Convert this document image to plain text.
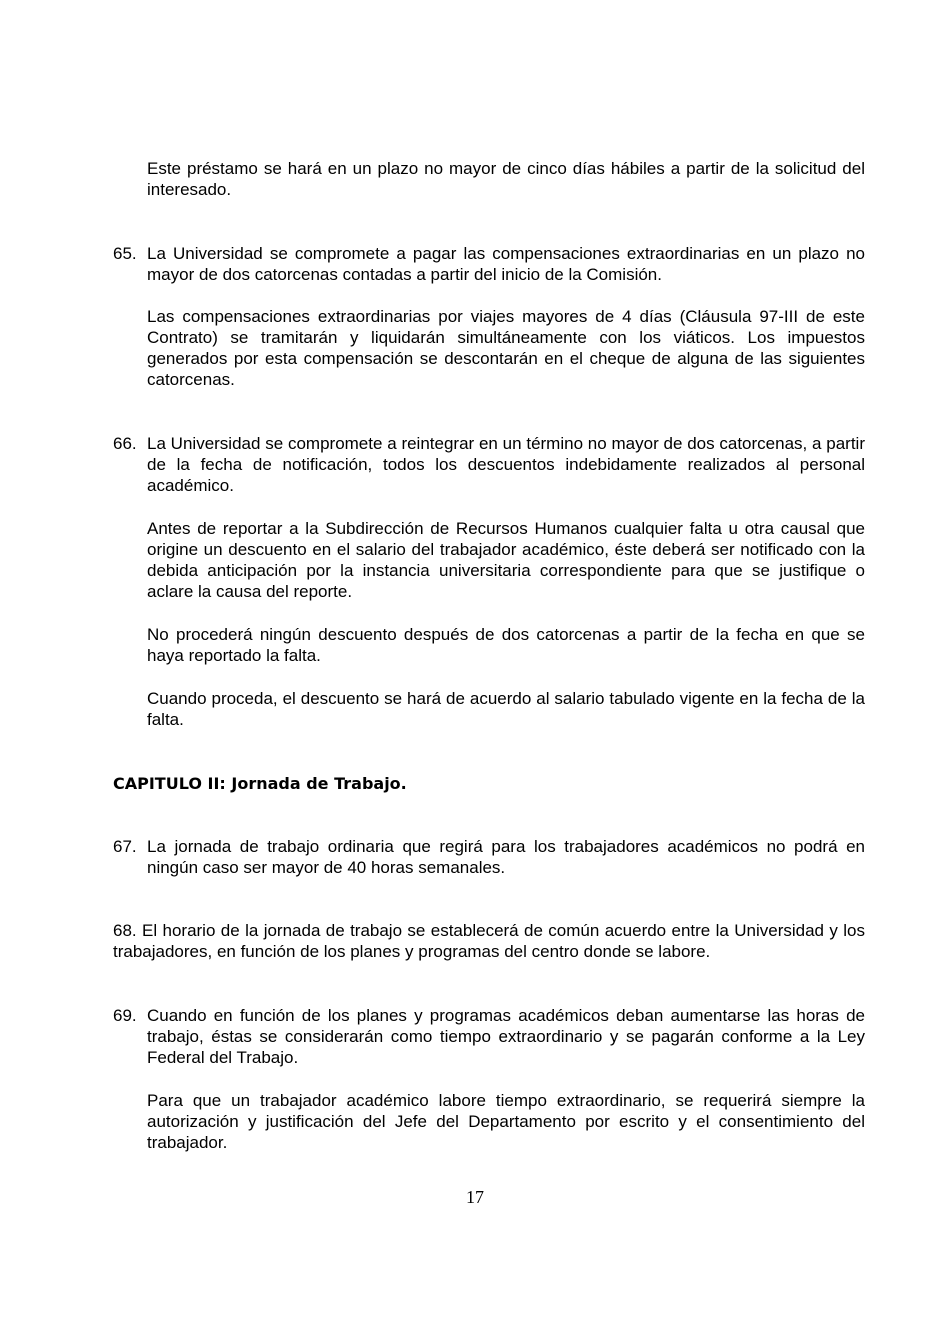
Este préstamo se hará en un plazo no mayor de cinco días hábiles a partir de la solicitud del interesado.
65. La Universidad se compromete a pagar las compensaciones extraordinarias en un plazo no mayor de dos catorcenas contadas a partir del inicio de la Comisión.
Las compensaciones extraordinarias por viajes mayores de 4 días (Cláusula 97-III de este Contrato) se tramitarán y liquidarán simultáneamente con los viáticos. Los impuestos generados por esta compensación se descontarán en el cheque de alguna de las siguientes catorcenas.
66. La Universidad se compromete a reintegrar en un término no mayor de dos catorcenas, a partir de la fecha de notificación, todos los descuentos indebidamente realizados al personal académico.
Antes de reportar a la Subdirección de Recursos Humanos cualquier falta u otra causal que origine un descuento en el salario del trabajador académico, éste deberá ser notificado con la debida anticipación por la instancia universitaria correspondiente para que se justifique o aclare la causa del reporte.
No procederá ningún descuento después de dos catorcenas a partir de la fecha en que se haya reportado la falta.
Cuando proceda, el descuento se hará de acuerdo al salario tabulado vigente en la fecha de la falta.
CAPITULO II: Jornada de Trabajo.
67. La jornada de trabajo ordinaria que regirá para los trabajadores académicos no podrá en ningún caso ser mayor de 40 horas semanales.
68. El horario de la jornada de trabajo se establecerá de común acuerdo entre la Universidad y los trabajadores, en función de los planes y programas del centro donde se labore.
69. Cuando en función de los planes y programas académicos deban aumentarse las horas de trabajo, éstas se considerarán como tiempo extraordinario y se pagarán conforme a la Ley Federal del Trabajo.
Para que un trabajador académico labore tiempo extraordinario, se requerirá siempre la autorización y justificación del Jefe del Departamento por escrito y el consentimiento del trabajador.
17
